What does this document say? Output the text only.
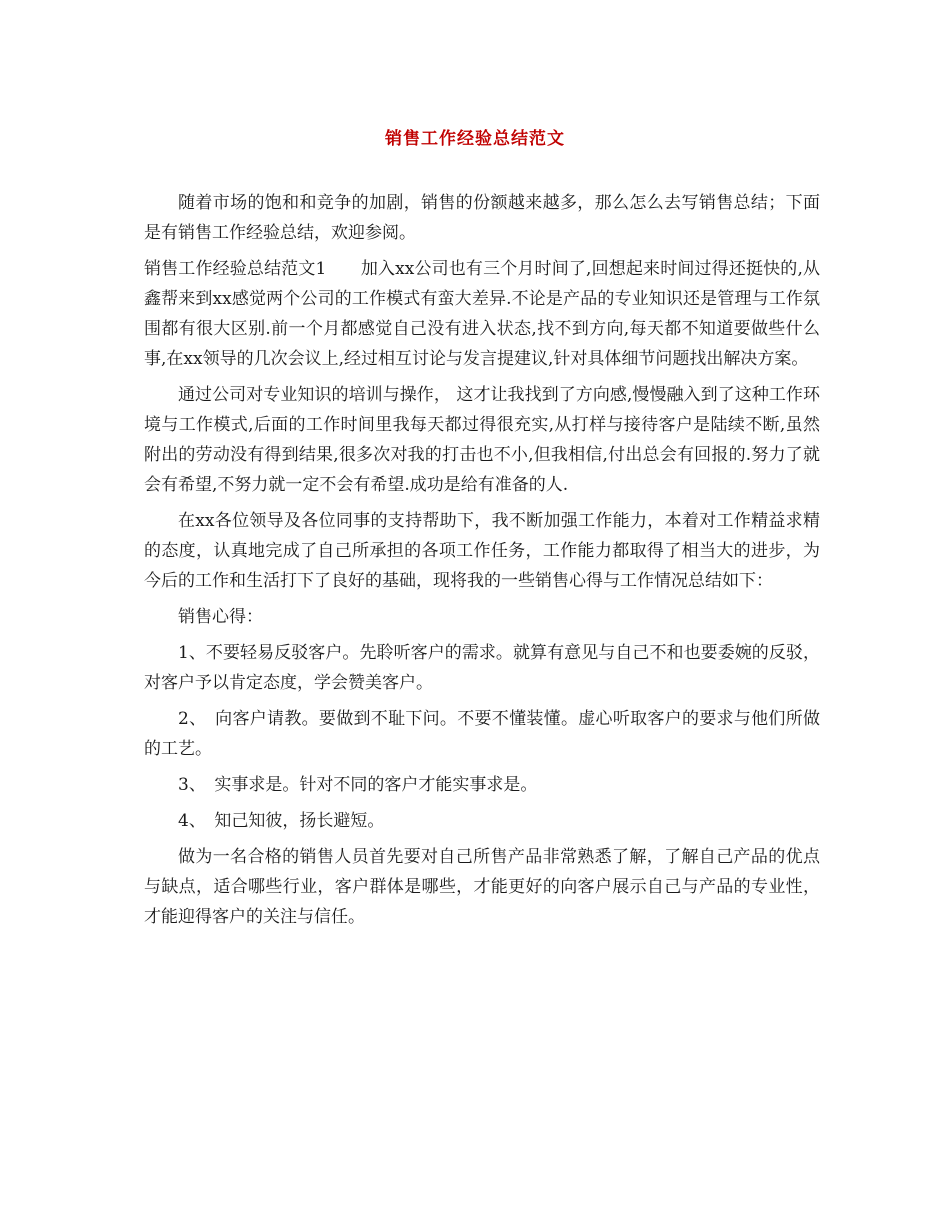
销售工作经验总结范文

随着市场的饱和和竞争的加剧，销售的份额越来越多，那么怎么去写销售总结；下面是有销售工作经验总结，欢迎参阅。

销售工作经验总结范文1　　加入xx公司也有三个月时间了,回想起来时间过得还挺快的,从鑫帮来到xx感觉两个公司的工作模式有蛮大差异.不论是产品的专业知识还是管理与工作氛围都有很大区别.前一个月都感觉自己没有进入状态,找不到方向,每天都不知道要做些什么事,在xx领导的几次会议上,经过相互讨论与发言提建议,针对具体细节问题找出解决方案。

通过公司对专业知识的培训与操作， 这才让我找到了方向感,慢慢融入到了这种工作环境与工作模式,后面的工作时间里我每天都过得很充实,从打样与接待客户是陆续不断,虽然附出的劳动没有得到结果,很多次对我的打击也不小,但我相信,付出总会有回报的.努力了就会有希望,不努力就一定不会有希望.成功是给有准备的人.

在xx各位领导及各位同事的支持帮助下，我不断加强工作能力，本着对工作精益求精的态度，认真地完成了自己所承担的各项工作任务，工作能力都取得了相当大的进步，为今后的工作和生活打下了良好的基础，现将我的一些销售心得与工作情况总结如下：

销售心得：

1、不要轻易反驳客户。先聆听客户的需求。就算有意见与自己不和也要委婉的反驳，对客户予以肯定态度，学会赞美客户。

2、　向客户请教。要做到不耻下问。不要不懂装懂。虚心听取客户的要求与他们所做的工艺。

3、　实事求是。针对不同的客户才能实事求是。

4、　知己知彼，扬长避短。

做为一名合格的销售人员首先要对自己所售产品非常熟悉了解，了解自己产品的优点与缺点，适合哪些行业，客户群体是哪些，才能更好的向客户展示自己与产品的专业性，才能迎得客户的关注与信任。
